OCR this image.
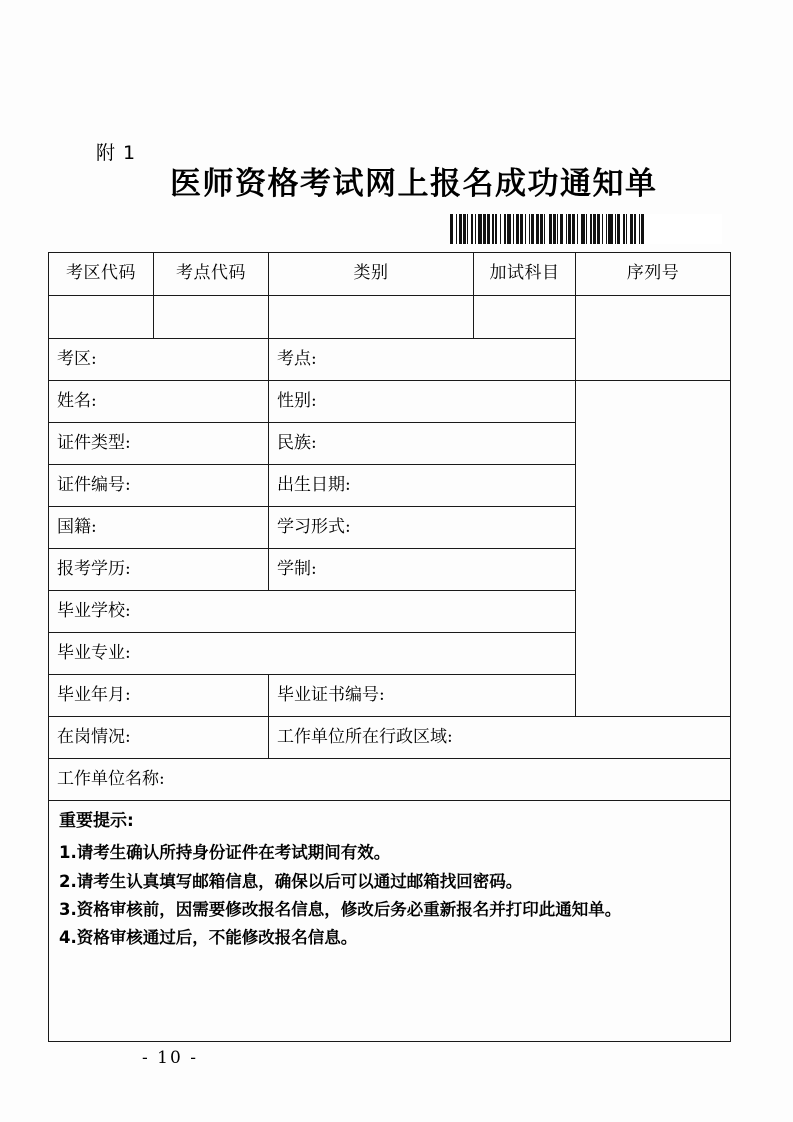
附 1
医师资格考试网上报名成功通知单
考区代码	考点代码	类别	加试科目	序列号

考区:		考点:		
姓名:		性别:		
证件类型:		民族:		
证件编号:		出生日期:		
国籍:		学习形式:		
报考学历:		学制:		
毕业学校:				
毕业专业:				
毕业年月:		毕业证书编号:		
在岗情况:		工作单位所在行政区域:		
工作单位名称:				

重要提示:
1.请考生确认所持身份证件在考试期间有效。
2.请考生认真填写邮箱信息，确保以后可以通过邮箱找回密码。
3.资格审核前，因需要修改报名信息，修改后务必重新报名并打印此通知单。
4.资格审核通过后，不能修改报名信息。				
- 10 -
